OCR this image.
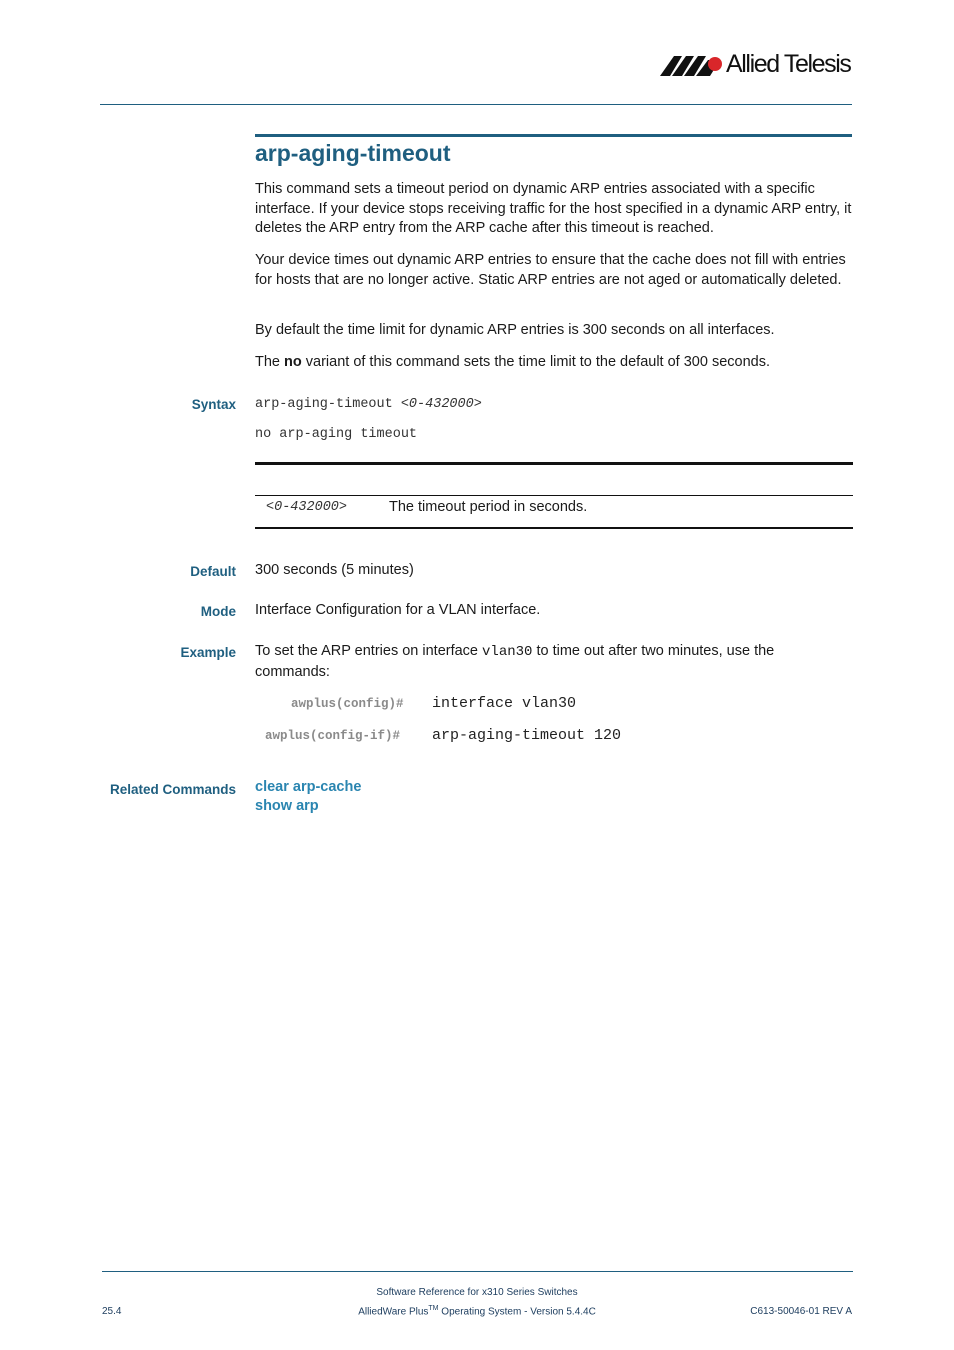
Allied Telesis
arp-aging-timeout
This command sets a timeout period on dynamic ARP entries associated with a specific interface. If your device stops receiving traffic for the host specified in a dynamic ARP entry, it deletes the ARP entry from the ARP cache after this timeout is reached.
Your device times out dynamic ARP entries to ensure that the cache does not fill with entries for hosts that are no longer active. Static ARP entries are not aged or automatically deleted.
By default the time limit for dynamic ARP entries is 300 seconds on all interfaces.
The no variant of this command sets the time limit to the default of 300 seconds.
Syntax arp-aging-timeout <0-432000>
no arp-aging timeout
<0-432000>	The timeout period in seconds.
Default 300 seconds (5 minutes)
Mode Interface Configuration for a VLAN interface.
Example To set the ARP entries on interface vlan30 to time out after two minutes, use the commands:
awplus(config)# interface vlan30
awplus(config-if)# arp-aging-timeout 120
Related Commands clear arp-cache
show arp
Software Reference for x310 Series Switches
AlliedWare Plus™ Operating System - Version 5.4.4C
25.4	C613-50046-01 REV A
